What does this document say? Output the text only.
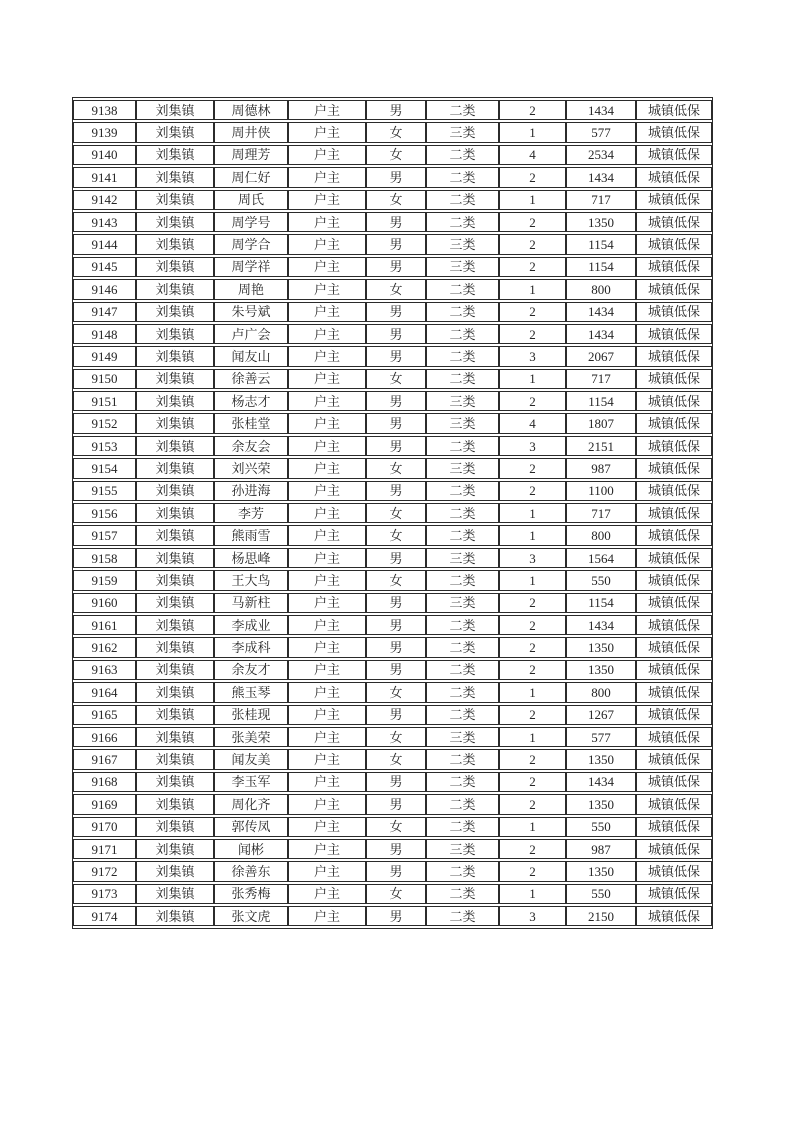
9138	刘集镇	周德林	户主	男	二类	2	1434	城镇低保
9139	刘集镇	周井侠	户主	女	三类	1	577	城镇低保
9140	刘集镇	周理芳	户主	女	二类	4	2534	城镇低保
9141	刘集镇	周仁好	户主	男	二类	2	1434	城镇低保
9142	刘集镇	周氏	户主	女	二类	1	717	城镇低保
9143	刘集镇	周学号	户主	男	二类	2	1350	城镇低保
9144	刘集镇	周学合	户主	男	三类	2	1154	城镇低保
9145	刘集镇	周学祥	户主	男	三类	2	1154	城镇低保
9146	刘集镇	周艳	户主	女	二类	1	800	城镇低保
9147	刘集镇	朱号斌	户主	男	二类	2	1434	城镇低保
9148	刘集镇	卢广会	户主	男	二类	2	1434	城镇低保
9149	刘集镇	闻友山	户主	男	二类	3	2067	城镇低保
9150	刘集镇	徐善云	户主	女	二类	1	717	城镇低保
9151	刘集镇	杨志才	户主	男	三类	2	1154	城镇低保
9152	刘集镇	张桂堂	户主	男	三类	4	1807	城镇低保
9153	刘集镇	余友会	户主	男	二类	3	2151	城镇低保
9154	刘集镇	刘兴荣	户主	女	三类	2	987	城镇低保
9155	刘集镇	孙进海	户主	男	二类	2	1100	城镇低保
9156	刘集镇	李芳	户主	女	二类	1	717	城镇低保
9157	刘集镇	熊雨雪	户主	女	二类	1	800	城镇低保
9158	刘集镇	杨思峰	户主	男	三类	3	1564	城镇低保
9159	刘集镇	王大鸟	户主	女	二类	1	550	城镇低保
9160	刘集镇	马新柱	户主	男	三类	2	1154	城镇低保
9161	刘集镇	李成业	户主	男	二类	2	1434	城镇低保
9162	刘集镇	李成科	户主	男	二类	2	1350	城镇低保
9163	刘集镇	余友才	户主	男	二类	2	1350	城镇低保
9164	刘集镇	熊玉琴	户主	女	二类	1	800	城镇低保
9165	刘集镇	张桂现	户主	男	二类	2	1267	城镇低保
9166	刘集镇	张美荣	户主	女	三类	1	577	城镇低保
9167	刘集镇	闻友美	户主	女	二类	2	1350	城镇低保
9168	刘集镇	李玉军	户主	男	二类	2	1434	城镇低保
9169	刘集镇	周化齐	户主	男	二类	2	1350	城镇低保
9170	刘集镇	郭传凤	户主	女	二类	1	550	城镇低保
9171	刘集镇	闻彬	户主	男	三类	2	987	城镇低保
9172	刘集镇	徐善东	户主	男	二类	2	1350	城镇低保
9173	刘集镇	张秀梅	户主	女	二类	1	550	城镇低保
9174	刘集镇	张文虎	户主	男	二类	3	2150	城镇低保
